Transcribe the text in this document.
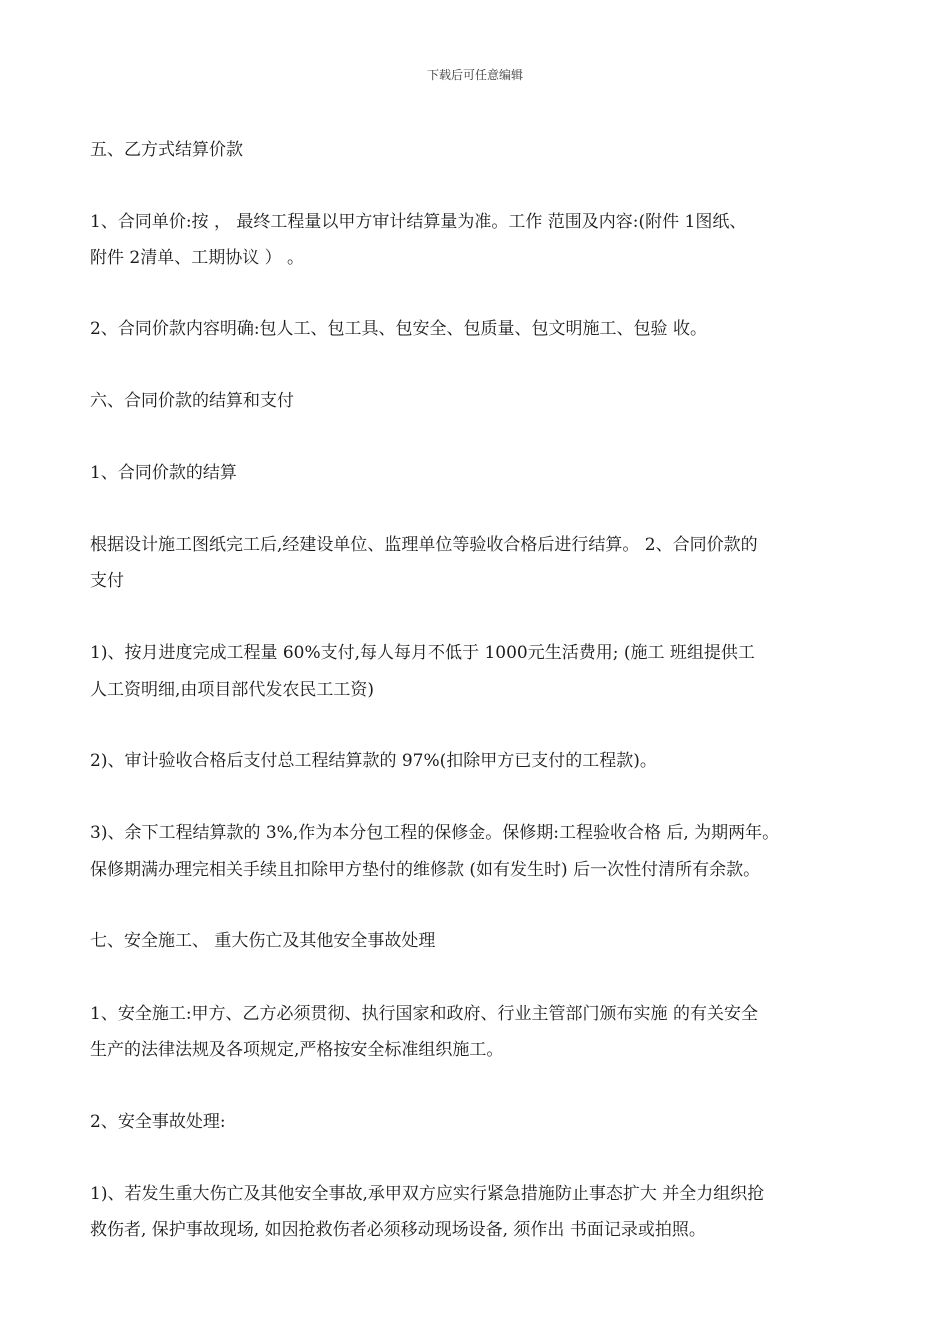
下载后可任意编辑
五、乙方式结算价款
1、合同单价:按 ， 最终工程量以甲方审计结算量为准。工作 范围及内容:(附件 1图纸、
附件 2清单、工期协议 ） 。
2、合同价款内容明确:包人工、包工具、包安全、包质量、包文明施工、包验 收。
六、合同价款的结算和支付
1、合同价款的结算
根据设计施工图纸完工后,经建设单位、监理单位等验收合格后进行结算。 2、合同价款的
支付
1)、按月进度完成工程量 60%支付,每人每月不低于 1000元生活费用; (施工 班组提供工
人工资明细,由项目部代发农民工工资)
2)、审计验收合格后支付总工程结算款的 97%(扣除甲方已支付的工程款)。
3)、余下工程结算款的 3%,作为本分包工程的保修金。保修期:工程验收合格 后, 为期两年。
保修期满办理完相关手续且扣除甲方垫付的维修款 (如有发生时) 后一次性付清所有余款。
七、安全施工、 重大伤亡及其他安全事故处理
1、安全施工:甲方、乙方必须贯彻、执行国家和政府、行业主管部门颁布实施 的有关安全
生产的法律法规及各项规定,严格按安全标准组织施工。
2、安全事故处理:
1)、若发生重大伤亡及其他安全事故,承甲双方应实行紧急措施防止事态扩大 并全力组织抢
救伤者, 保护事故现场, 如因抢救伤者必须移动现场设备, 须作出 书面记录或拍照。
